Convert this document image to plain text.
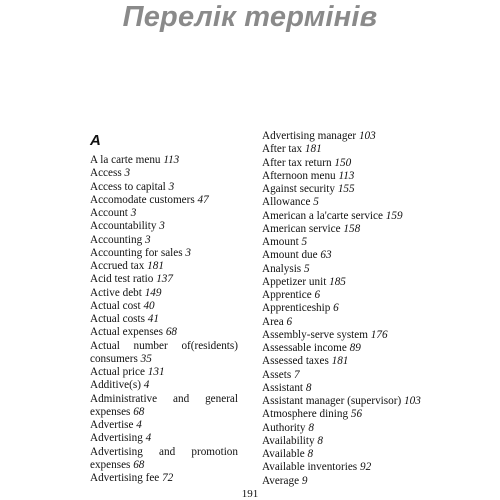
Перелік термінів
A
A la carte menu 113
Access 3
Access to capital 3
Accomodate customers 47
Account 3
Accountability 3
Accounting 3
Accounting for sales 3
Accrued tax 181
Acid test ratio 137
Active debt 149
Actual cost 40
Actual costs 41
Actual expenses 68
Actual number of(residents) consumers 35
Actual price 131
Additive(s) 4
Administrative and general expenses 68
Advertise 4
Advertising 4
Advertising and promotion expenses 68
Advertising fee 72
Advertising manager 103
After tax 181
After tax return 150
Afternoon menu 113
Against security 155
Allowance 5
American a la'carte service 159
American service 158
Amount 5
Amount due 63
Analysis 5
Appetizer unit 185
Apprentice 6
Apprenticeship 6
Area 6
Assembly-serve system 176
Assessable income 89
Assessed taxes 181
Assets 7
Assistant 8
Assistant manager (supervisor) 103
Atmosphere dining 56
Authority 8
Availability 8
Available 8
Available inventories 92
Average 9
191
